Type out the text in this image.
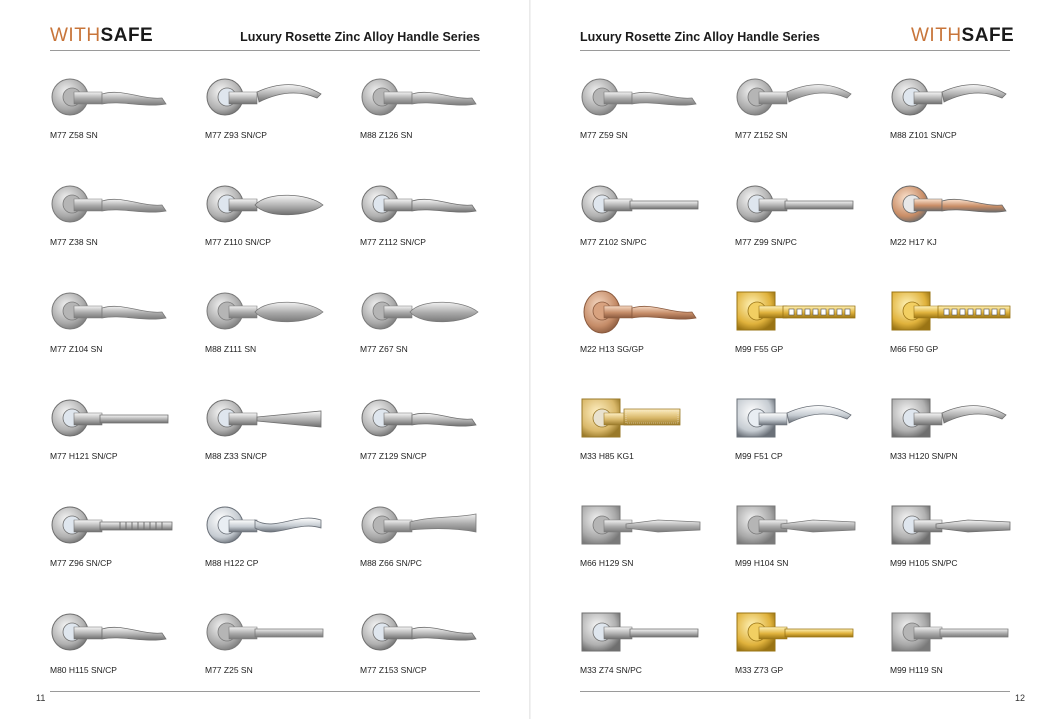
WITHSAFE	Luxury Rosette Zinc Alloy Handle Series
M77 Z58 SN	M77 Z93 SN/CP	M88 Z126 SN
M77 Z38 SN	M77 Z110 SN/CP	M77 Z112 SN/CP
M77 Z104 SN	M88 Z111 SN	M77 Z67 SN
M77 H121 SN/CP	M88 Z33 SN/CP	M77 Z129 SN/CP
M77 Z96 SN/CP	M88 H122 CP	M88 Z66 SN/PC
M80 H115 SN/CP	M77 Z25 SN	M77 Z153 SN/CP
11
Luxury Rosette Zinc Alloy Handle Series	WITHSAFE
M77 Z59 SN	M77 Z152 SN	M88 Z101 SN/CP
M77 Z102 SN/PC	M77 Z99 SN/PC	M22 H17 KJ
M22 H13 SG/GP	M99 F55 GP	M66 F50 GP
M33 H85 KG1	M99 F51 CP	M33 H120 SN/PN
M66 H129 SN	M99 H104 SN	M99 H105 SN/PC
M33 Z74 SN/PC	M33 Z73 GP	M99 H119 SN
12
